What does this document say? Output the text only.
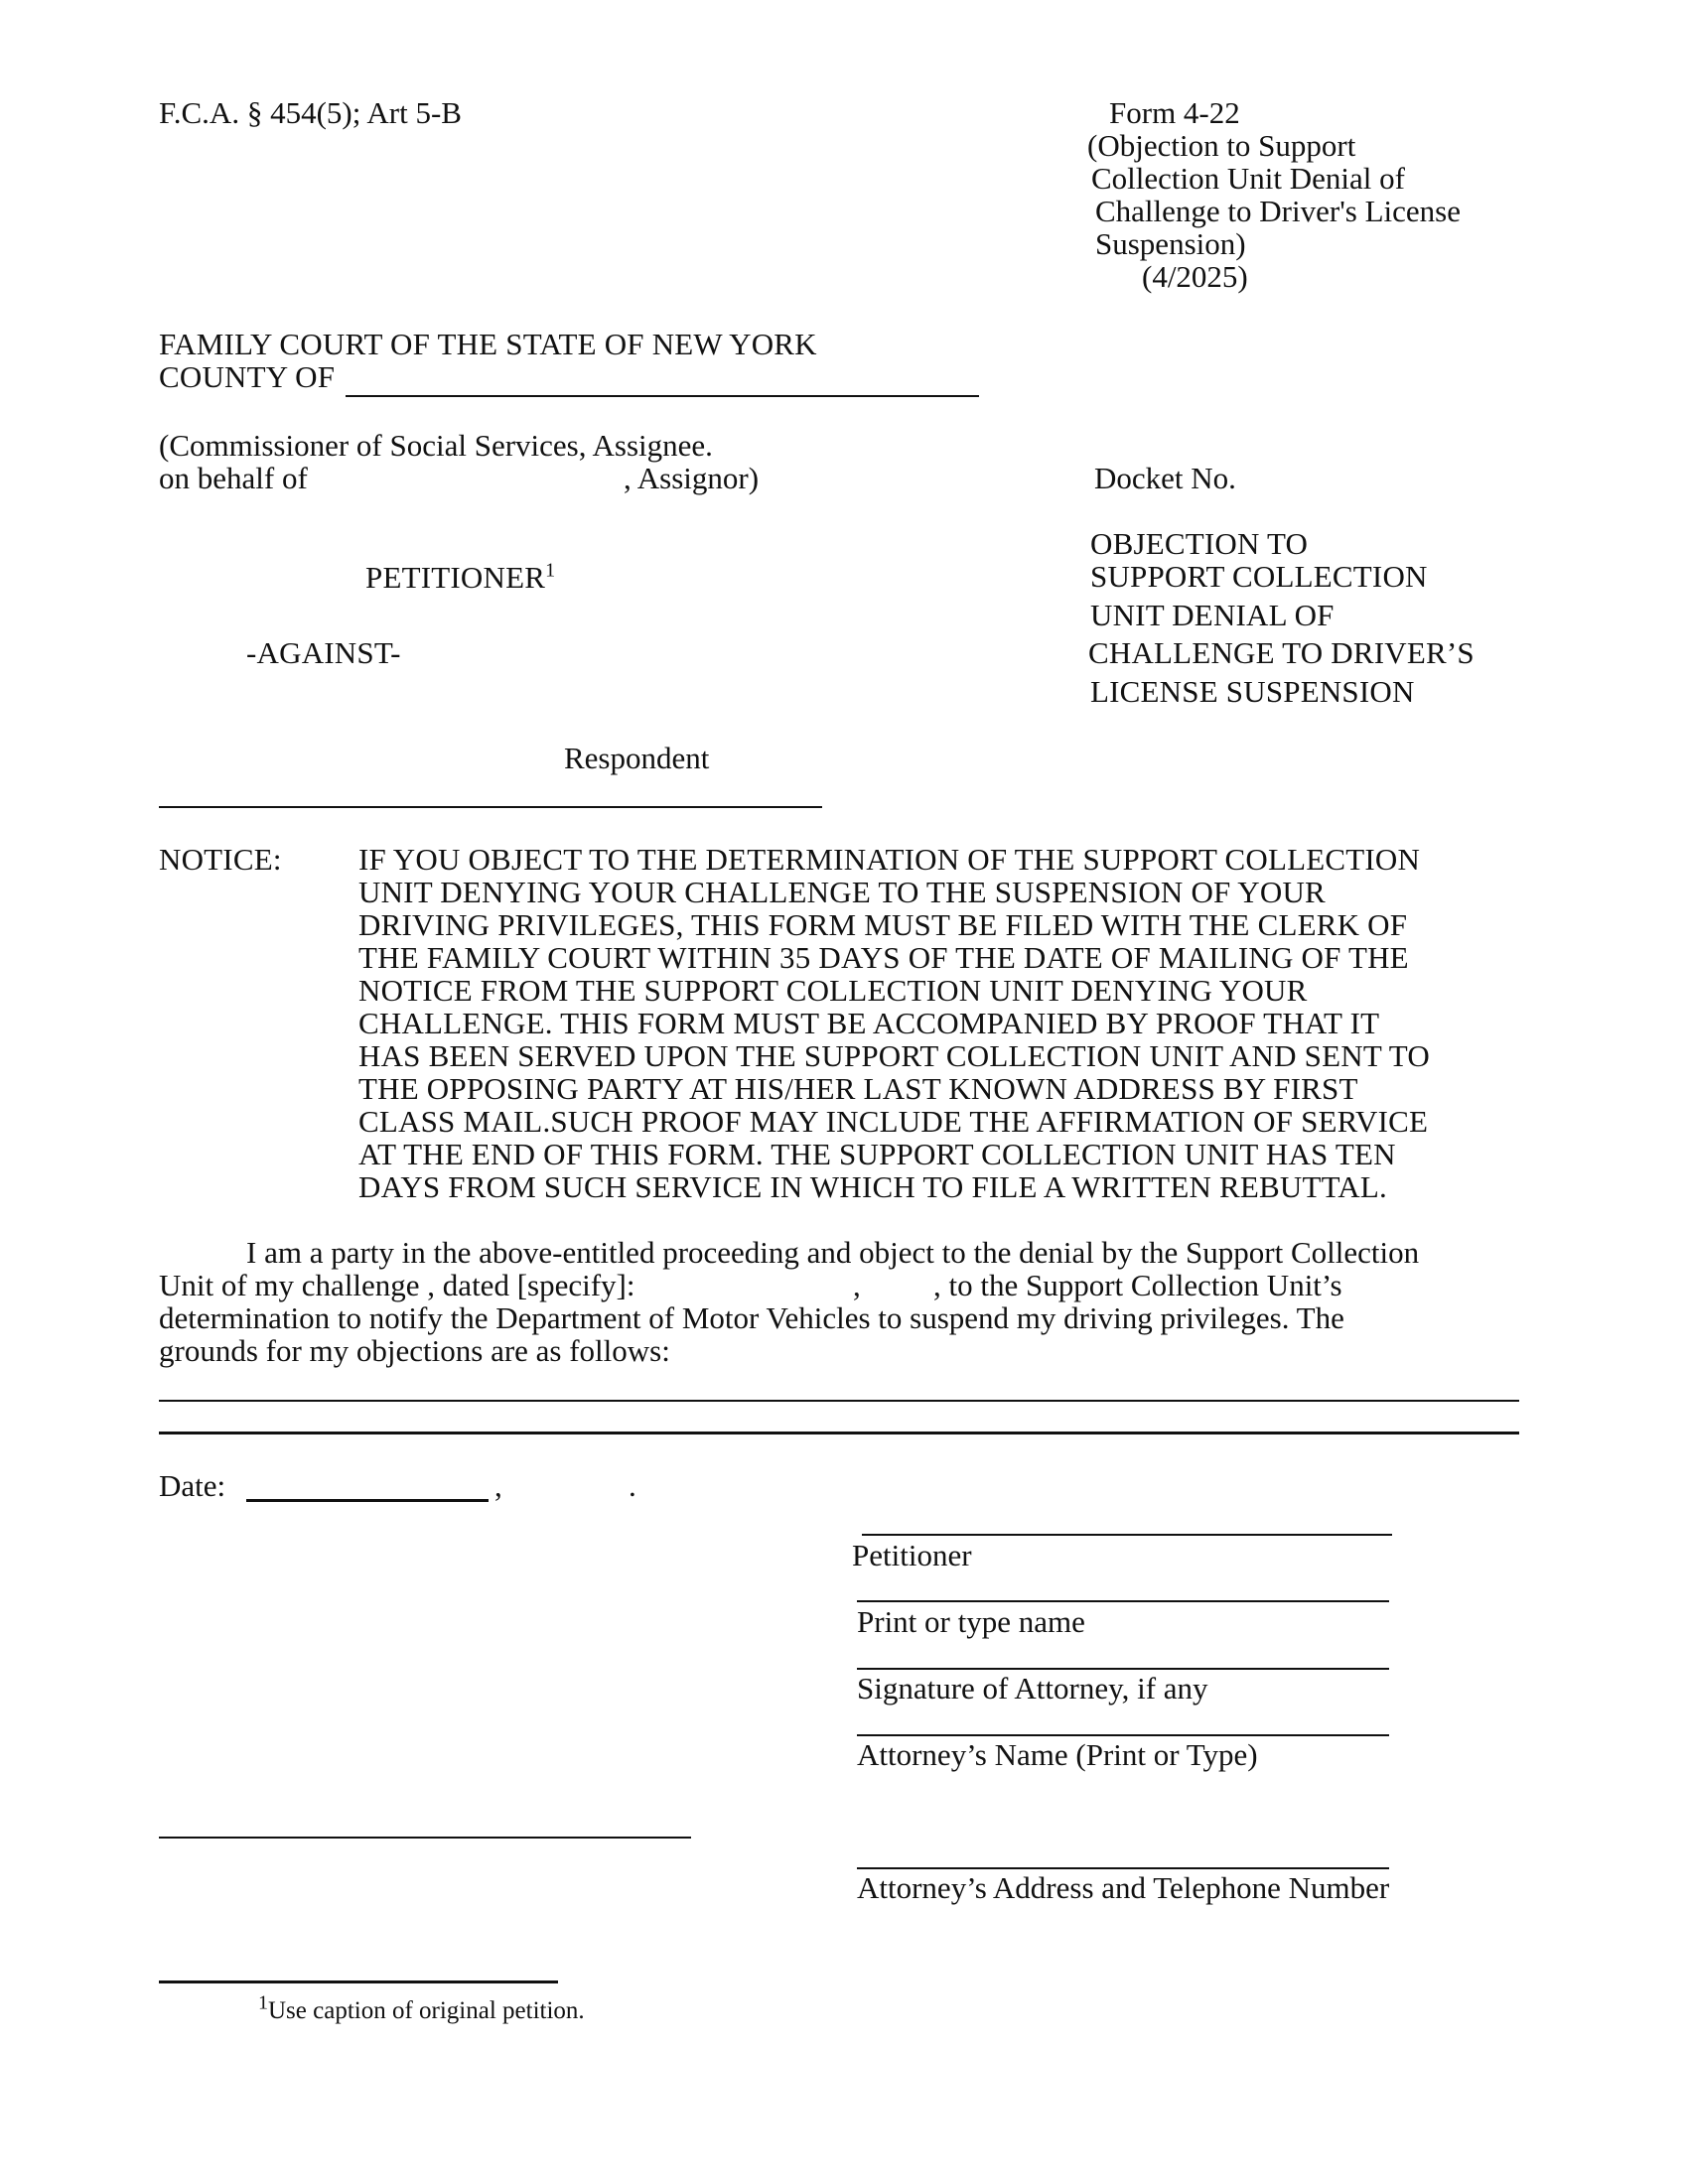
F.C.A. § 454(5); Art 5-B	Form 4-22
(Objection to Support
Collection Unit Denial of
Challenge to Driver's License
Suspension)
(4/2025)
FAMILY COURT OF THE STATE OF NEW YORK
COUNTY OF
(Commissioner of Social Services, Assignee.
on behalf of	, Assignor)	Docket No.
OBJECTION TO
SUPPORT COLLECTION
UNIT DENIAL OF
CHALLENGE TO DRIVER’S
LICENSE SUSPENSION
PETITIONER$^1$
-AGAINST-
Respondent
NOTICE: IF YOU OBJECT TO THE DETERMINATION OF THE SUPPORT COLLECTION
UNIT DENYING YOUR CHALLENGE TO THE SUSPENSION OF YOUR
DRIVING PRIVILEGES, THIS FORM MUST BE FILED WITH THE CLERK OF
THE FAMILY COURT WITHIN 35 DAYS OF THE DATE OF MAILING OF THE
NOTICE FROM THE SUPPORT COLLECTION UNIT DENYING YOUR
CHALLENGE. THIS FORM MUST BE ACCOMPANIED BY PROOF THAT IT
HAS BEEN SERVED UPON THE SUPPORT COLLECTION UNIT AND SENT TO
THE OPPOSING PARTY AT HIS/HER LAST KNOWN ADDRESS BY FIRST
CLASS MAIL.SUCH PROOF MAY INCLUDE THE AFFIRMATION OF SERVICE
AT THE END OF THIS FORM. THE SUPPORT COLLECTION UNIT HAS TEN
DAYS FROM SUCH SERVICE IN WHICH TO FILE A WRITTEN REBUTTAL.
I am a party in the above-entitled proceeding and object to the denial by the Support Collection
Unit of my challenge , dated [specify]:	, , to the Support Collection Unit’s
determination to notify the Department of Motor Vehicles to suspend my driving privileges. The
grounds for my objections are as follows:
Date:	,	.
Petitioner
Print or type name
Signature of Attorney, if any
Attorney’s Name (Print or Type)
Attorney’s Address and Telephone Number
$^1$Use caption of original petition.
